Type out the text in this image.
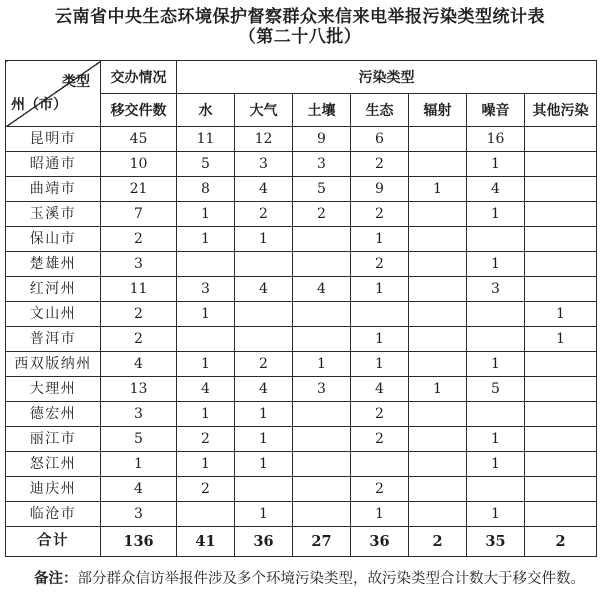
云南省中央生态环境保护督察群众来信来电举报污染类型统计表
（第二十八批）
类型
州（市）	交办情况	污染类型						
	移交件数	水	大气	土壤	生态	辐射	噪音	其他污染
昆明市	45	11	12	9	6		16	
昭通市	10	5	3	3	2		1	
曲靖市	21	8	4	5	9	1	4	
玉溪市	7	1	2	2	2		1	
保山市	2	1	1		1			
楚雄州	3				2		1	
红河州	11	3	4	4	1		3	
文山州	2	1						1
普洱市	2				1			1
西双版纳州	4	1	2	1	1		1	
大理州	13	4	4	3	4	1	5	
德宏州	3	1	1		2			
丽江市	5	2	1		2		1	
怒江州	1	1	1				1	
迪庆州	4	2			2			
临沧市	3		1		1		1	
合计	136	41	36	27	36	2	35	2

备注：部分群众信访举报件涉及多个环境污染类型，故污染类型合计数大于移交件数。
